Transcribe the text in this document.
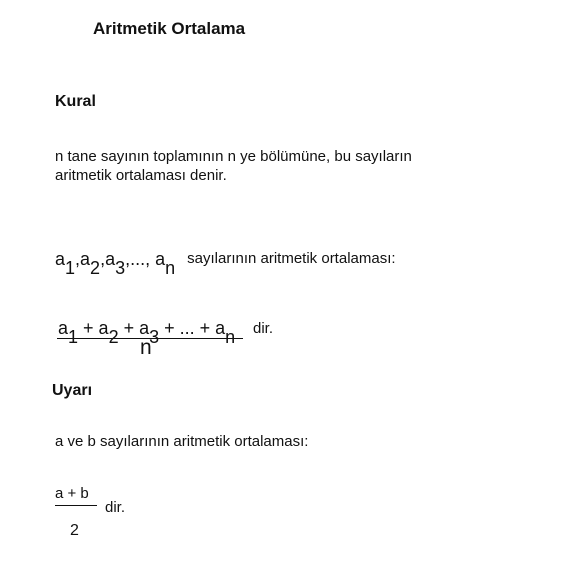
Aritmetik Ortalama
Kural
n tane sayının toplamının n ye bölümüne, bu sayıların
aritmetik ortalaması denir.
$a_1,a_2,a_3$,..., $a_n$ sayılarının aritmetik ortalaması:
$a_1 + a_2 + a_3$ + ... + $a_n$
n
dir.
Uyarı
a ve b sayılarının aritmetik ortalaması:
a + b
2
dir.
